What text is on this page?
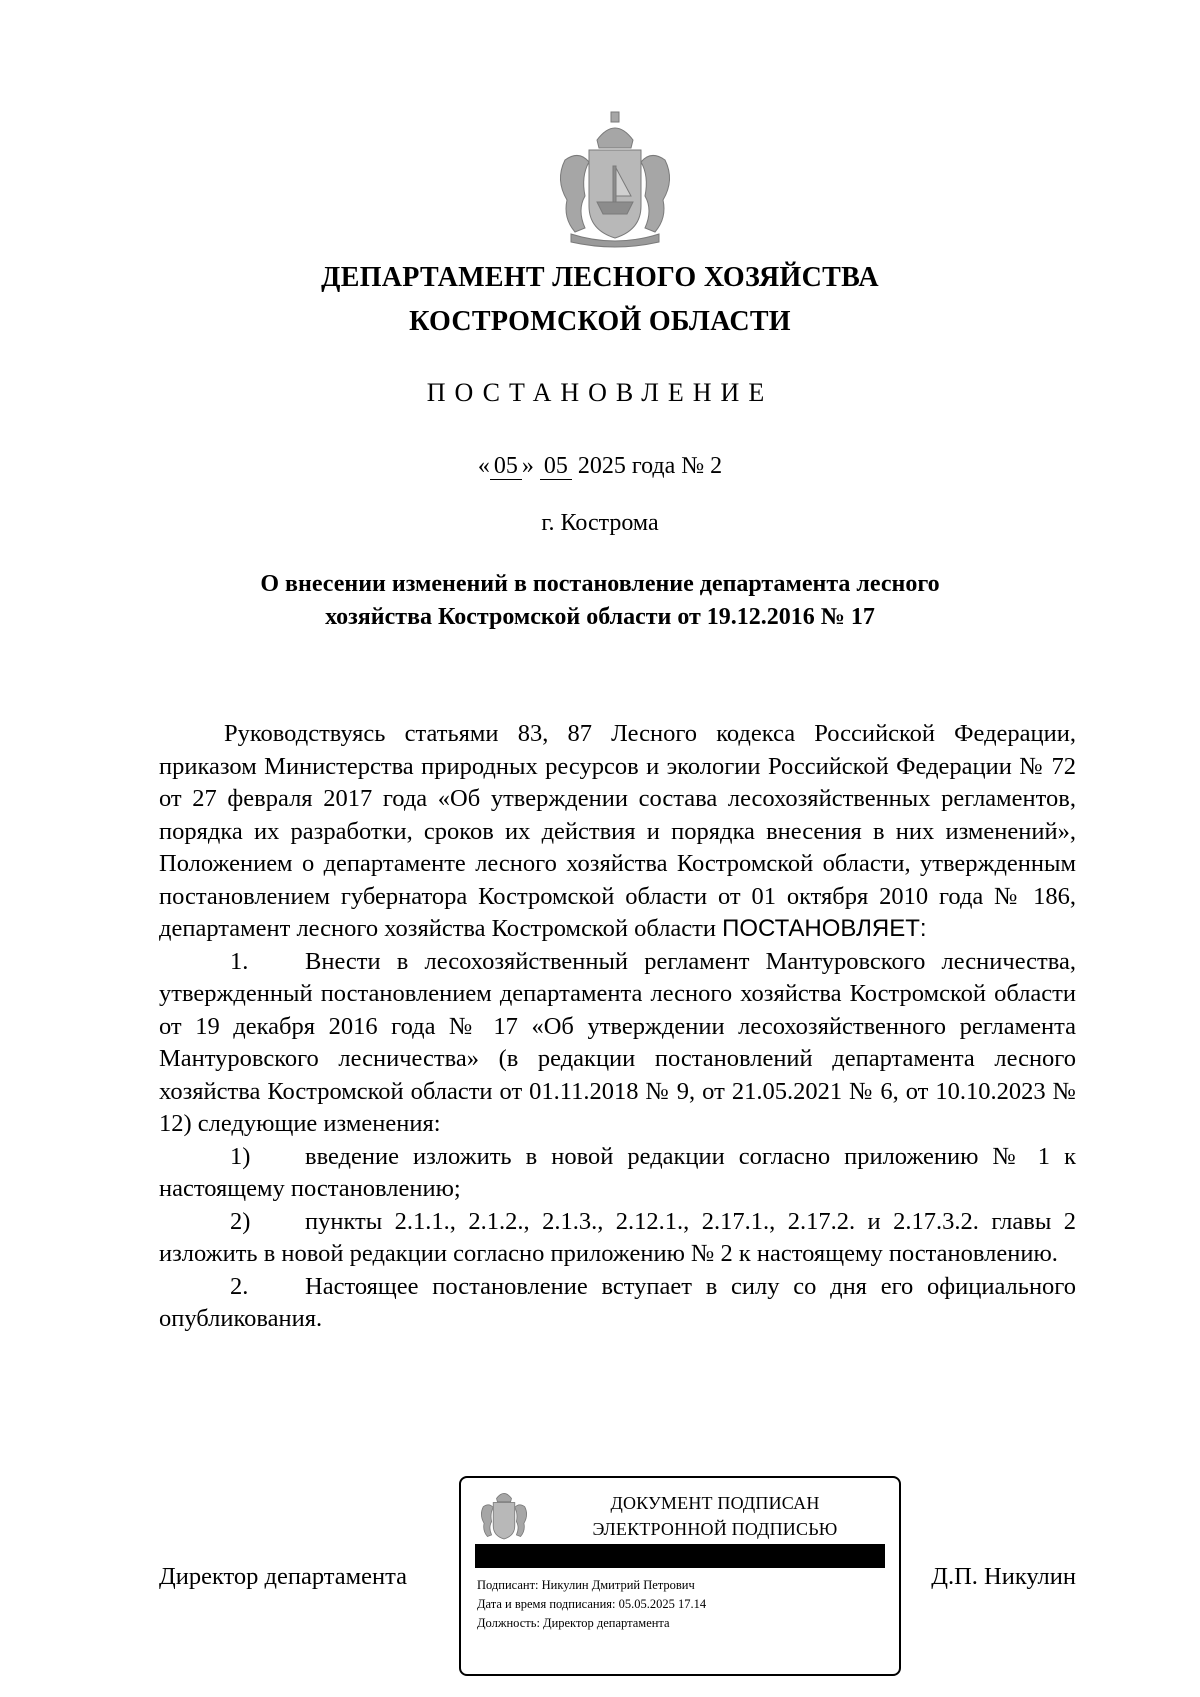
ДЕПАРТАМЕНТ ЛЕСНОГО ХОЗЯЙСТВА
КОСТРОМСКОЙ ОБЛАСТИ
ПОСТАНОВЛЕНИЕ
« 05 » 05 2025 года № 2
г. Кострома
О внесении изменений в постановление департамента лесного
хозяйства Костромской области от 19.12.2016 № 17

Руководствуясь статьями 83, 87 Лесного кодекса Российской Федерации, приказом Министерства природных ресурсов и экологии Российской Федерации № 72 от 27 февраля 2017 года «Об утверждении состава лесохозяйственных регламентов, порядка их разработки, сроков их действия и порядка внесения в них изменений», Положением о департаменте лесного хозяйства Костромской области, утвержденным постановлением губернатора Костромской области от 01 октября 2010 года № 186, департамент лесного хозяйства Костромской области ПОСТАНОВЛЯЕТ:

1. Внести в лесохозяйственный регламент Мантуровского лесничества, утвержденный постановлением департамента лесного хозяйства Костромской области от 19 декабря 2016 года № 17 «Об утверждении лесохозяйственного регламента Мантуровского лесничества» (в редакции постановлений департамента лесного хозяйства Костромской области от 01.11.2018 № 9, от 21.05.2021 № 6, от 10.10.2023 № 12) следующие изменения:

1) введение изложить в новой редакции согласно приложению № 1 к настоящему постановлению;

2) пункты 2.1.1., 2.1.2., 2.1.3., 2.12.1., 2.17.1., 2.17.2. и 2.17.3.2. главы 2 изложить в новой редакции согласно приложению № 2 к настоящему постановлению.

2. Настоящее постановление вступает в силу со дня его официального опубликования.

Директор департамента	Д.П. Никулин
ДОКУМЕНТ ПОДПИСАН
ЭЛЕКТРОННОЙ ПОДПИСЬЮ
Подписант: Никулин Дмитрий Петрович
Дата и время подписания: 05.05.2025 17.14
Должность: Директор департамента
